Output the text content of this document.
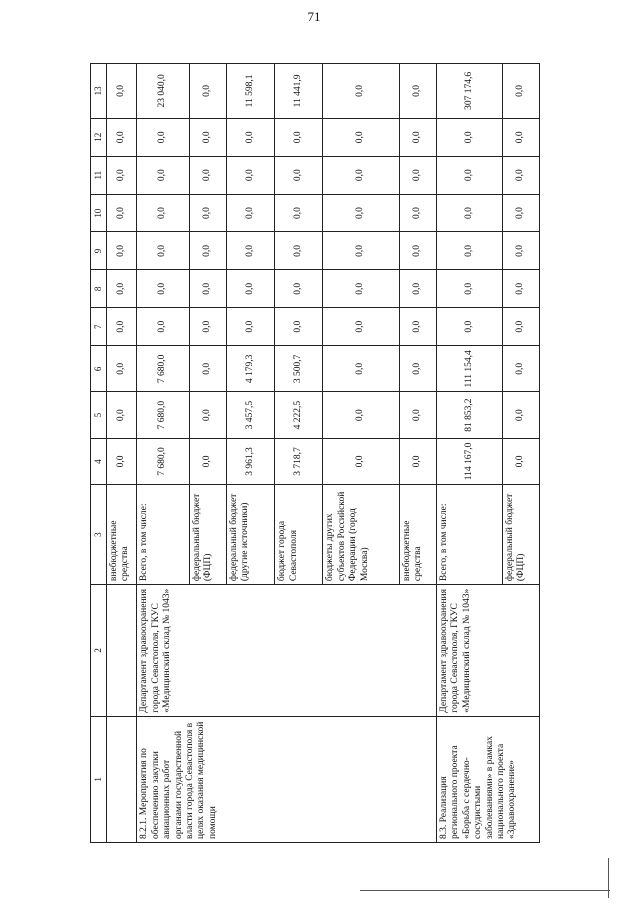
71
1	2	3	4	5	6	7	8	9	10	11	12	13
		внебюджетные средства	0,0	0,0	0,0	0,0	0,0	0,0	0,0	0,0	0,0	0,0
8.2.1. Мероприятия по обеспечению закупки авиационных работ органами государственной власти города Севастополя в целях оказания медицинской помощи	Департамент здравоохранения города Севастополя, ГКУС «Медицинский склад № 1043»	Всего, в том числе:	7 680,0	7 680,0	7 680,0	0,0	0,0	0,0	0,0	0,0	0,0	23 040,0
		федеральный бюджет (ФЦП)	0,0	0,0	0,0	0,0	0,0	0,0	0,0	0,0	0,0	0,0
		федеральный бюджет (другие источники)	3 961,3	3 457,5	4 179,3	0,0	0,0	0,0	0,0	0,0	0,0	11 598,1
		бюджет города Севастополя	3 718,7	4 222,5	3 500,7	0,0	0,0	0,0	0,0	0,0	0,0	11 441,9
		бюджеты других субъектов Российской Федерации (город Москва)	0,0	0,0	0,0	0,0	0,0	0,0	0,0	0,0	0,0	0,0
		внебюджетные средства	0,0	0,0	0,0	0,0	0,0	0,0	0,0	0,0	0,0	0,0
8.3. Реализация регионального проекта «Борьба с сердечно-сосудистыми заболеваниями» в рамках национального проекта «Здравоохранение»	Департамент здравоохранения города Севастополя, ГКУС «Медицинский склад № 1043»	Всего, в том числе:	114 167,0	81 853,2	111 154,4	0,0	0,0	0,0	0,0	0,0	0,0	307 174,6
		федеральный бюджет (ФЦП)	0,0	0,0	0,0	0,0	0,0	0,0	0,0	0,0	0,0	0,0
